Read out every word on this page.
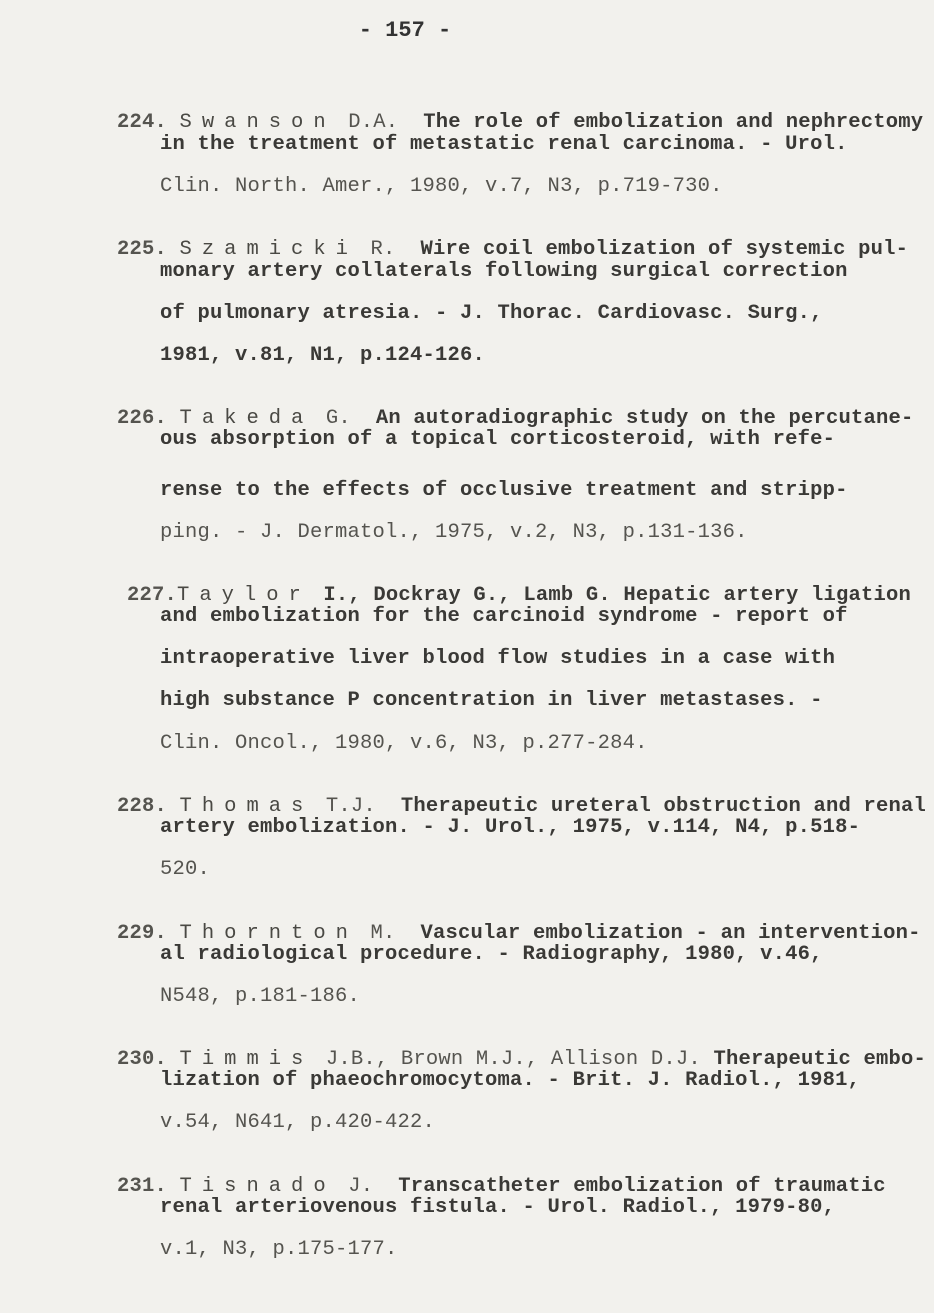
- 157 -

224. Swanson D.A. The role of embolization and nephrectomy

in the treatment of metastatic renal carcinoma. - Urol.
Clin. North. Amer., 1980, v.7, N3, p.719-730.

225. Szamicki R. Wire coil embolization of systemic pul-

monary artery collaterals following surgical correction
of pulmonary atresia. - J. Thorac. Cardiovasc. Surg.,
1981, v.81, N1, p.124-126.

226. Takeda G. An autoradiographic study on the percutane-

ous absorption of a topical corticosteroid, with refe-
rense to the effects of occlusive treatment and stripp-
ping. - J. Dermatol., 1975, v.2, N3, p.131-136.

227.Taylor I., Dockray G., Lamb G. Hepatic artery ligation

and embolization for the carcinoid syndrome - report of
intraoperative liver blood flow studies in a case with
high substance P concentration in liver metastases. -
Clin. Oncol., 1980, v.6, N3, p.277-284.

228. Thomas T.J. Therapeutic ureteral obstruction and renal

artery embolization. - J. Urol., 1975, v.114, N4, p.518-
520.

229. Thornton M. Vascular embolization - an intervention-

al radiological procedure. - Radiography, 1980, v.46,
N548, p.181-186.

230. Timmis J.B., Brown M.J., Allison D.J. Therapeutic embo-

lization of phaeochromocytoma. - Brit. J. Radiol., 1981,
v.54, N641, p.420-422.

231. Tisnado J. Transcatheter embolization of traumatic

renal arteriovenous fistula. - Urol. Radiol., 1979-80,
v.1, N3, p.175-177.
